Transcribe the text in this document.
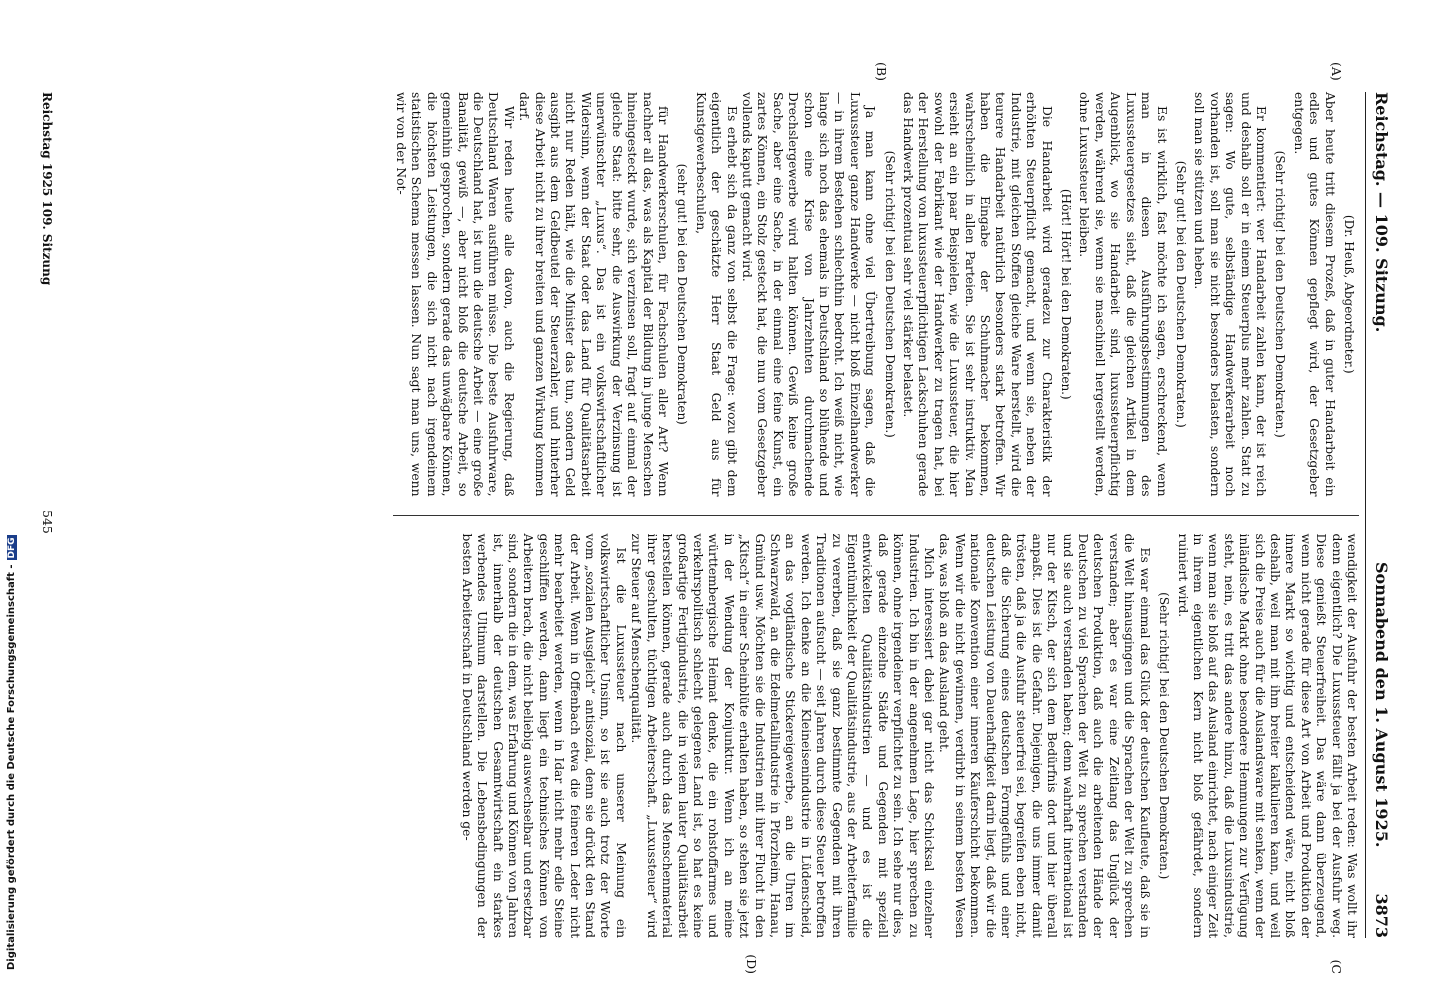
Digitalisierung gefördert durch die Deutsche Forschungsgemeinschaft -DFG
Reichstag. — 109. Sitzung.
Sonnabend den 1. August 1925.
3873

(Dr. Heuß, Abgeordneter.)

Aber heute tritt diesem Prozeß, daß in guter Handarbeit ein edles und gutes Können gepflegt wird, der Gesetzgeber entgegen.

(Sehr richtig! bei den Deutschen Demokraten.)

Er kommentiert: wer Handarbeit zahlen kann, der ist reich und deshalb soll er in einem Steuerplus mehr zahlen. Statt zu sagen: Wo gute, selbständige Handwerkerarbeit noch vorhanden ist, soll man sie nicht besonders belasten, sondern soll man sie stützen und heben.

(Sehr gut! bei den Deutschen Demokraten.)

Es ist wirklich, fast möchte ich sagen, erschreckend, wenn man in diesen Ausführungsbestimmungen des Luxussteuergesetzes sieht, daß die gleichen Artikel in dem Augenblick, wo sie Handarbeit sind, luxussteuerpflichtig werden, während sie, wenn sie maschinell hergestellt werden, ohne Luxussteuer bleiben.

(Hört! Hört! bei den Demokraten.)

Die Handarbeit wird geradezu zur Charakteristik der erhöhten Steuerpflicht gemacht, und wenn sie, neben der Industrie, mit gleichen Stoffen gleiche Ware herstellt, wird die teurere Handarbeit natürlich besonders stark betroffen. Wir haben die Eingabe der Schuhmacher bekommen, wahrscheinlich in allen Parteien. Sie ist sehr instruktiv. Man ersieht an ein paar Beispielen, wie die Luxussteuer, die hier sowohl der Fabrikant wie der Handwerker zu tragen hat, bei der Herstellung von luxussteuerpflichtigen Lackschuhen gerade das Handwerk prozentual sehr viel stärker belastet.

(Sehr richtig! bei den Deutschen Demokraten.)

Ja man kann ohne viel Übertreibung sagen, daß die Luxussteuer ganze Handwerke — nicht bloß Einzelhandwerker — in ihrem Bestehen schlechthin bedroht. Ich weiß nicht, wie lange sich noch das ehemals in Deutschland so blühende und schon eine Krise von Jahrzehnten durchmachende Drechslergewerbe wird halten können. Gewiß keine große Sache, aber eine Sache, in der einmal eine feine Kunst, ein zartes Können, ein Stolz gesteckt hat, die nun vom Gesetzgeber vollends kaputt gemacht wird.

Es erhebt sich da ganz von selbst die Frage: wozu gibt dem eigentlich der geschätzte Herr Staat Geld aus für Kunstgewerbeschulen,

(sehr gut! bei den Deutschen Demokraten)

für Handwerkerschulen, für Fachschulen aller Art? Wenn nachher all das, was als Kapital der Bildung in junge Menschen hineingesteckt wurde, sich verzinsen soll, fragt auf einmal der gleiche Staat: bitte sehr, die Auswirkung der Verzinsung ist unerwünschter „Luxus“. Das ist ein volkswirtschaftlicher Widersinn, wenn der Staat oder das Land für Qualitätsarbeit nicht nur Reden hält, wie die Minister das tun, sondern Geld ausgibt aus dem Geldbeutel der Steuerzahler, und hinterher diese Arbeit nicht zu ihrer breiten und ganzen Wirkung kommen darf.

Wir reden heute alle davon, auch die Regierung, daß Deutschland Waren ausführen müsse. Die beste Ausfuhrware, die Deutschland hat, ist nun die deutsche Arbeit — eine große Banalität, gewiß —, aber nicht bloß die deutsche Arbeit, so gemeinhin gesprochen, sondern gerade das unwägbare Können, die höchsten Leistungen, die sich nicht nach irgendeinem statistischen Schema messen lassen. Nun sagt man uns, wenn wir von der Not-

wendigkeit der Ausfuhr der besten Arbeit reden: Was wollt ihr denn eigentlich? Die Luxussteuer fällt ja bei der Ausfuhr weg. Diese genießt Steuerfreiheit. Das wäre dann überzeugend, wenn nicht gerade für diese Art von Arbeit und Produktion der innere Markt so wichtig und entscheidend wäre, nicht bloß deshalb, weil man mit ihm breiter kalkulieren kann, und weil sich die Preise auch für die Auslandsware mit senken, wenn der inländische Markt ohne besondere Hemmungen zur Verfügung steht, nein, es tritt das andere hinzu, daß die Luxusindustrie, wenn man sie bloß auf das Ausland einrichtet, nach einiger Zeit in ihrem eigentlichen Kern nicht bloß gefährdet, sondern ruiniert wird.

(Sehr richtig! bei den Deutschen Demokraten.)

Es war einmal das Glück der deutschen Kaufleute, daß sie in die Welt hinausgingen und die Sprachen der Welt zu sprechen verstanden; aber es war eine Zeitlang das Unglück der deutschen Produktion, daß auch die arbeitenden Hände der Deutschen zu viel Sprachen der Welt zu sprechen verstanden und sie auch verstanden haben; denn wahrhaft international ist nur der Kitsch, der sich dem Bedürfnis dort und hier überall anpaßt. Dies ist die Gefahr. Diejenigen, die uns immer damit trösten, daß ja die Ausfuhr steuerfrei sei, begreifen eben nicht, daß die Sicherung eines deutschen Formgefühls und einer deutschen Leistung von Dauerhaftigkeit darin liegt, daß wir die nationale Konvention einer inneren Käuferschicht bekommen. Wenn wir die nicht gewinnen, verdirbt in seinem besten Wesen das, was bloß an das Ausland geht.

Mich interessiert dabei gar nicht das Schicksal einzelner Industrien. Ich bin in der angenehmen Lage, hier sprechen zu können, ohne irgendeiner verpflichtet zu sein. Ich sehe nur dies, daß gerade einzelne Städte und Gegenden mit speziell entwickelten Qualitätsindustrien — und es ist die Eigentümlichkeit der Qualitätsindustrie, aus der Arbeiterfamilie zu vererben, daß sie ganz bestimmte Gegenden mit ihren Traditionen aufsucht — seit Jahren durch diese Steuer betroffen werden. Ich denke an die Kleineisenindustrie in Lüdenscheid, an das vogtländische Stickereigewerbe, an die Uhren im Schwarzwald, an die Edelmetallindustrie in Pforzheim, Hanau, Gmünd usw. Möchten sie die Industrien mit ihrer Flucht in den „Kitsch“ in einer Scheinblüte erhalten haben, so stehen sie jetzt in der Wendung der Konjunktur. Wenn ich an meine württembergische Heimat denke, die ein rohstoffarmes und verkehrspolitisch schlecht gelegenes Land ist, so hat es keine großartige Fertigindustrie, die in vielem lauter Qualitätsarbeit herstellen können, gerade auch durch das Menschenmaterial ihrer geschulten, tüchtigen Arbeiterschaft. „Luxussteuer“ wird zur Steuer auf Menschenqualität.

Ist die Luxussteuer nach unserer Meinung ein volkswirtschaftlicher Unsinn, so ist sie auch trotz der Worte vom „sozialen Ausgleich“ antisozial, denn sie drückt den Stand der Arbeit. Wenn in Offenbach etwa die feineren Leder nicht mehr bearbeitet werden, wenn in Idar nicht mehr edle Steine geschliffen werden, dann liegt ein technisches Können von Arbeitern brach, die nicht beliebig auswechselbar und ersetzbar sind, sondern die in dem, was Erfahrung und Können von Jahren ist, innerhalb der deutschen Gesamtwirtschaft ein starkes werbendes Ultimum darstellen. Die Lebensbedingungen der besten Arbeiterschaft in Deutschland werden ge-

(A)
(B)
(C
(D)
Reichstag 1925 109. Sitzung
545
